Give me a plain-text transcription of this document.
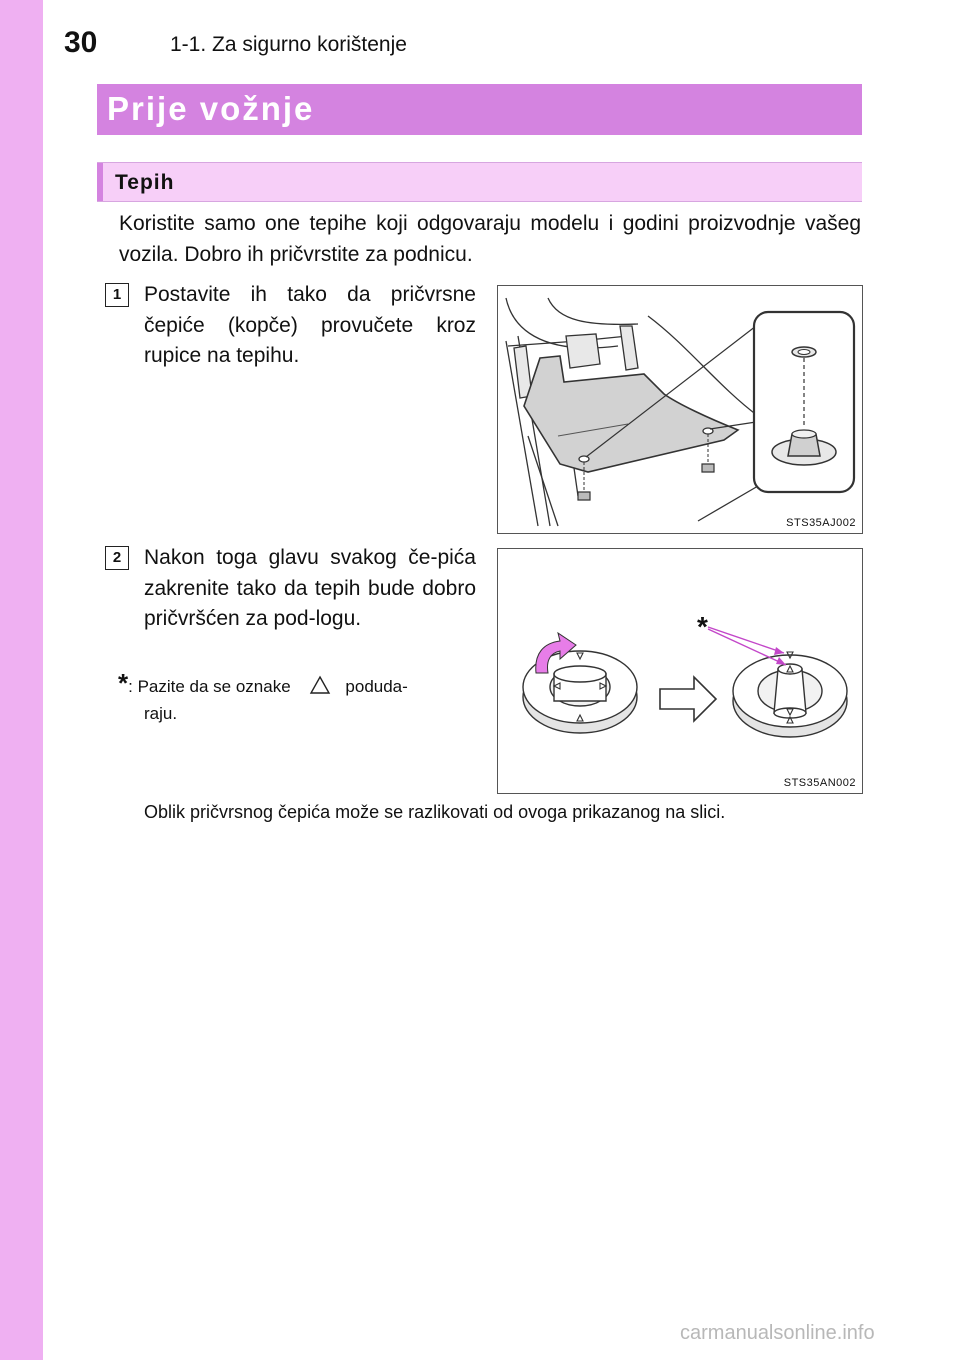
30	1-1. Za sigurno korištenje
Prije vožnje
Tepih
Koristite samo one tepihe koji odgovaraju modelu i godini proizvodnje vašeg vozila. Dobro ih pričvrstite za podnicu.
1	Postavite ih tako da pričvrsne čepiće (kopče) provučete kroz rupice na tepihu.
2	Nakon toga glavu svakog če-pića zakrenite tako da tepih bude dobro pričvršćen za pod-logu.
*: Pazite da se oznake	poduda-
raju.
Oblik pričvrsnog čepića može se razlikovati od ovoga prikazanog na slici.
STS35AJ002
*
STS35AN002
carmanualsonline.info
